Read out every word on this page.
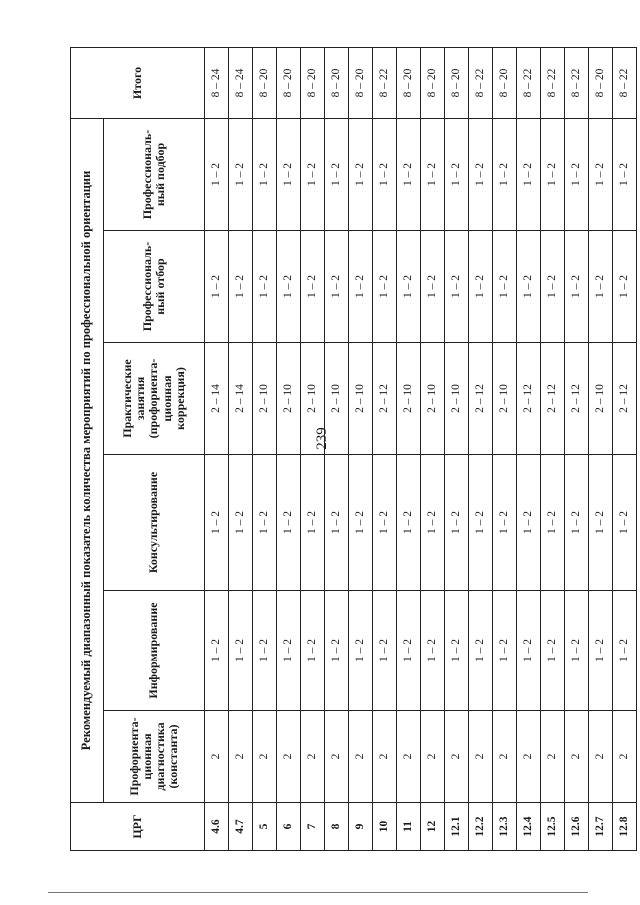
239
ЦРГ	Рекомендуемый диапазонный показатель количества мероприятий по профессиональной ориентации						Итого
	Профориента-ционная диагностика (константа)	Информирование	Консультирование	Практические занятия (профориента-ционная коррекция)	Профессиональ-ный отбор	Профессиональ-ный подбор	
4.6	2	1 – 2	1 – 2	2 – 14	1 – 2	1 – 2	8 – 24
4.7	2	1 – 2	1 – 2	2 – 14	1 – 2	1 – 2	8 – 24
5	2	1 – 2	1 – 2	2 – 10	1 – 2	1 – 2	8 – 20
6	2	1 – 2	1 – 2	2 – 10	1 – 2	1 – 2	8 – 20
7	2	1 – 2	1 – 2	2 – 10	1 – 2	1 – 2	8 – 20
8	2	1 – 2	1 – 2	2 – 10	1 – 2	1 – 2	8 – 20
9	2	1 – 2	1 – 2	2 – 10	1 – 2	1 – 2	8 – 20
10	2	1 – 2	1 – 2	2 – 12	1 – 2	1 – 2	8 – 22
11	2	1 – 2	1 – 2	2 – 10	1 – 2	1 – 2	8 – 20
12	2	1 – 2	1 – 2	2 – 10	1 – 2	1 – 2	8 – 20
12.1	2	1 – 2	1 – 2	2 – 10	1 – 2	1 – 2	8 – 20
12.2	2	1 – 2	1 – 2	2 – 12	1 – 2	1 – 2	8 – 22
12.3	2	1 – 2	1 – 2	2 – 10	1 – 2	1 – 2	8 – 20
12.4	2	1 – 2	1 – 2	2 – 12	1 – 2	1 – 2	8 – 22
12.5	2	1 – 2	1 – 2	2 – 12	1 – 2	1 – 2	8 – 22
12.6	2	1 – 2	1 – 2	2 – 12	1 – 2	1 – 2	8 – 22
12.7	2	1 – 2	1 – 2	2 – 10	1 – 2	1 – 2	8 – 20
12.8	2	1 – 2	1 – 2	2 – 12	1 – 2	1 – 2	8 – 22
